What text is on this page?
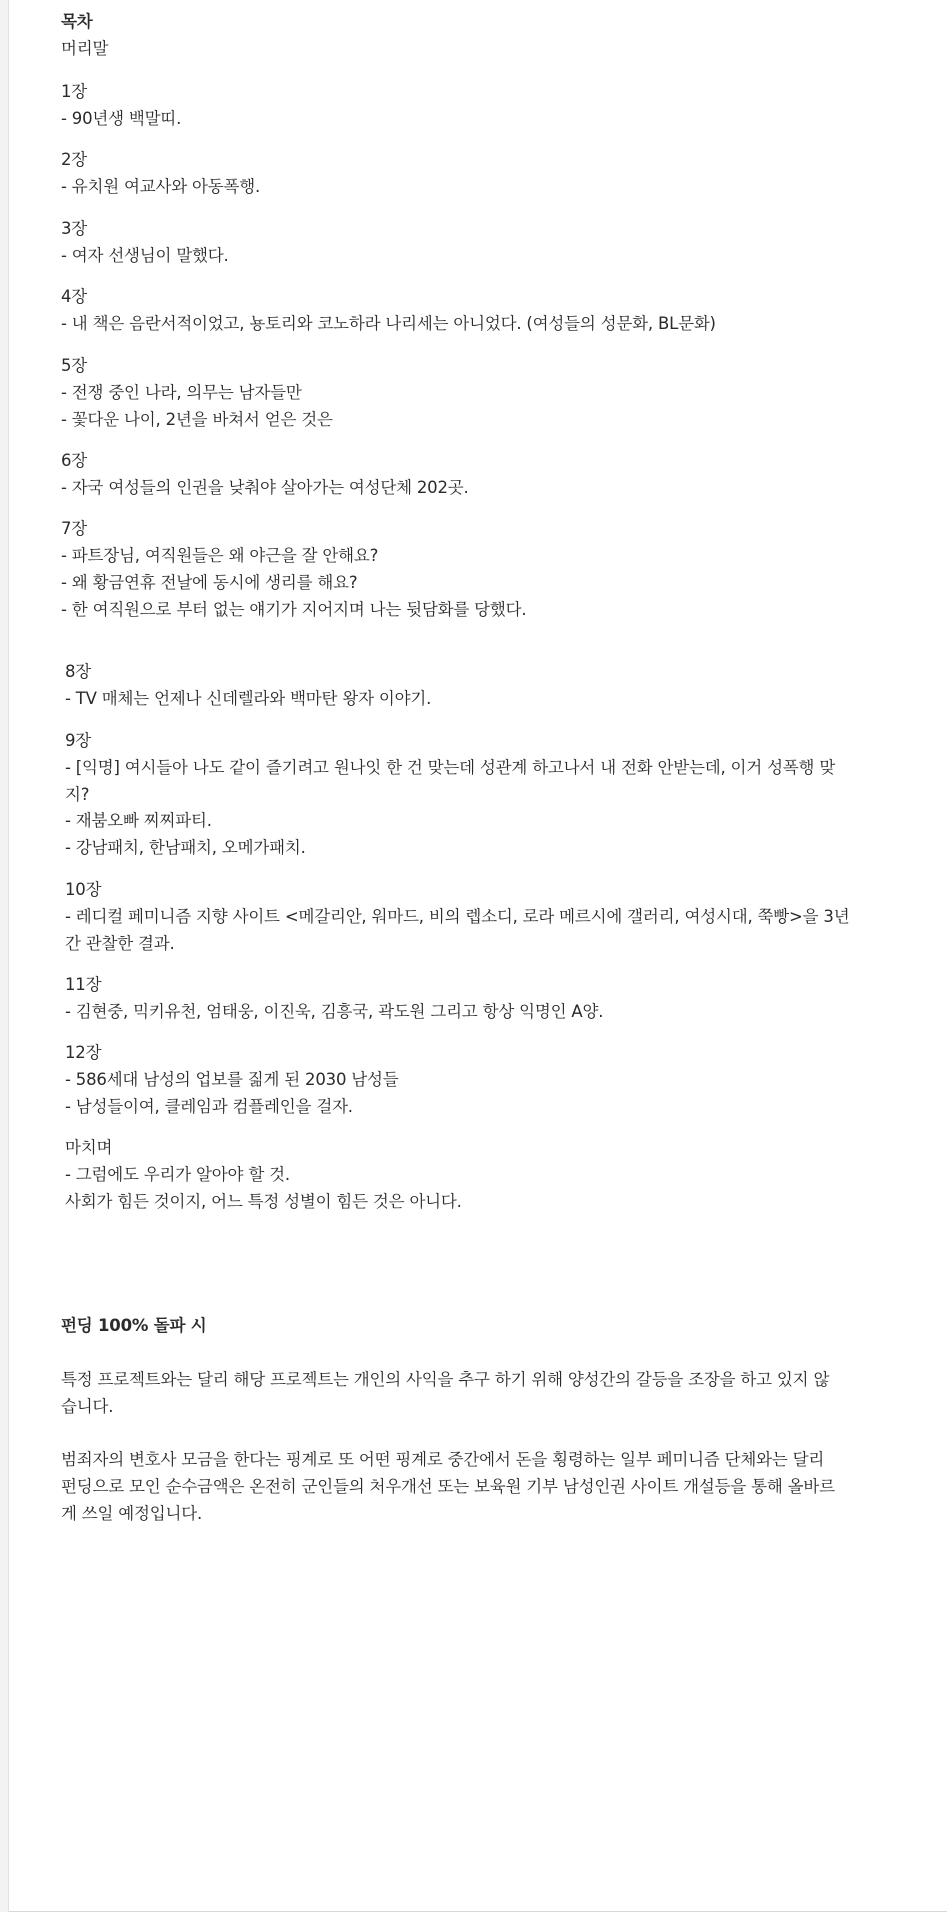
목차
머리말
1장
- 90년생 백말띠.
2장
- 유치원 여교사와 아동폭행.
3장
- 여자 선생님이 말했다.
4장
- 내 책은 음란서적이었고, 뇽토리와 코노하라 나리세는 아니었다. (여성들의 성문화, BL문화)
5장
- 전쟁 중인 나라, 의무는 남자들만
- 꽃다운 나이, 2년을 바쳐서 얻은 것은
6장
- 자국 여성들의 인권을 낮춰야 살아가는 여성단체 202곳.
7장
- 파트장님, 여직원들은 왜 야근을 잘 안해요?
- 왜 황금연휴 전날에 동시에 생리를 해요?
- 한 여직원으로 부터 없는 얘기가 지어지며 나는 뒷담화를 당했다.
8장
- TV 매체는 언제나 신데렐라와 백마탄 왕자 이야기.
9장
- [익명] 여시들아 나도 같이 즐기려고 원나잇 한 건 맞는데 성관계 하고나서 내 전화 안받는데, 이거 성폭행 맞
지?
- 재붐오빠 찌찌파티.
- 강남패치, 한남패치, 오메가패치.
10장
- 레디컬 페미니즘 지향 사이트 <메갈리안, 워마드, 비의 렙소디, 로라 메르시에 갤러리, 여성시대, 쭉빵>을 3년
간 관찰한 결과.
11장
- 김현중, 믹키유천, 엄태웅, 이진욱, 김흥국, 곽도원 그리고 항상 익명인 A양.
12장
- 586세대 남성의 업보를 짊게 된 2030 남성들
- 남성들이여, 클레임과 컴플레인을 걸자.
마치며
- 그럼에도 우리가 알아야 할 것.
사회가 힘든 것이지, 어느 특정 성별이 힘든 것은 아니다.
펀딩 100% 돌파 시
특정 프로젝트와는 달리 해당 프로젝트는 개인의 사익을 추구 하기 위해 양성간의 갈등을 조장을 하고 있지 않
습니다.
범죄자의 변호사 모금을 한다는 핑계로 또 어떤 핑계로 중간에서 돈을 횡령하는 일부 페미니즘 단체와는 달리
펀딩으로 모인 순수금액은 온전히 군인들의 처우개선 또는 보육원 기부 남성인권 사이트 개설등을 통해 올바르
게 쓰일 예정입니다.
